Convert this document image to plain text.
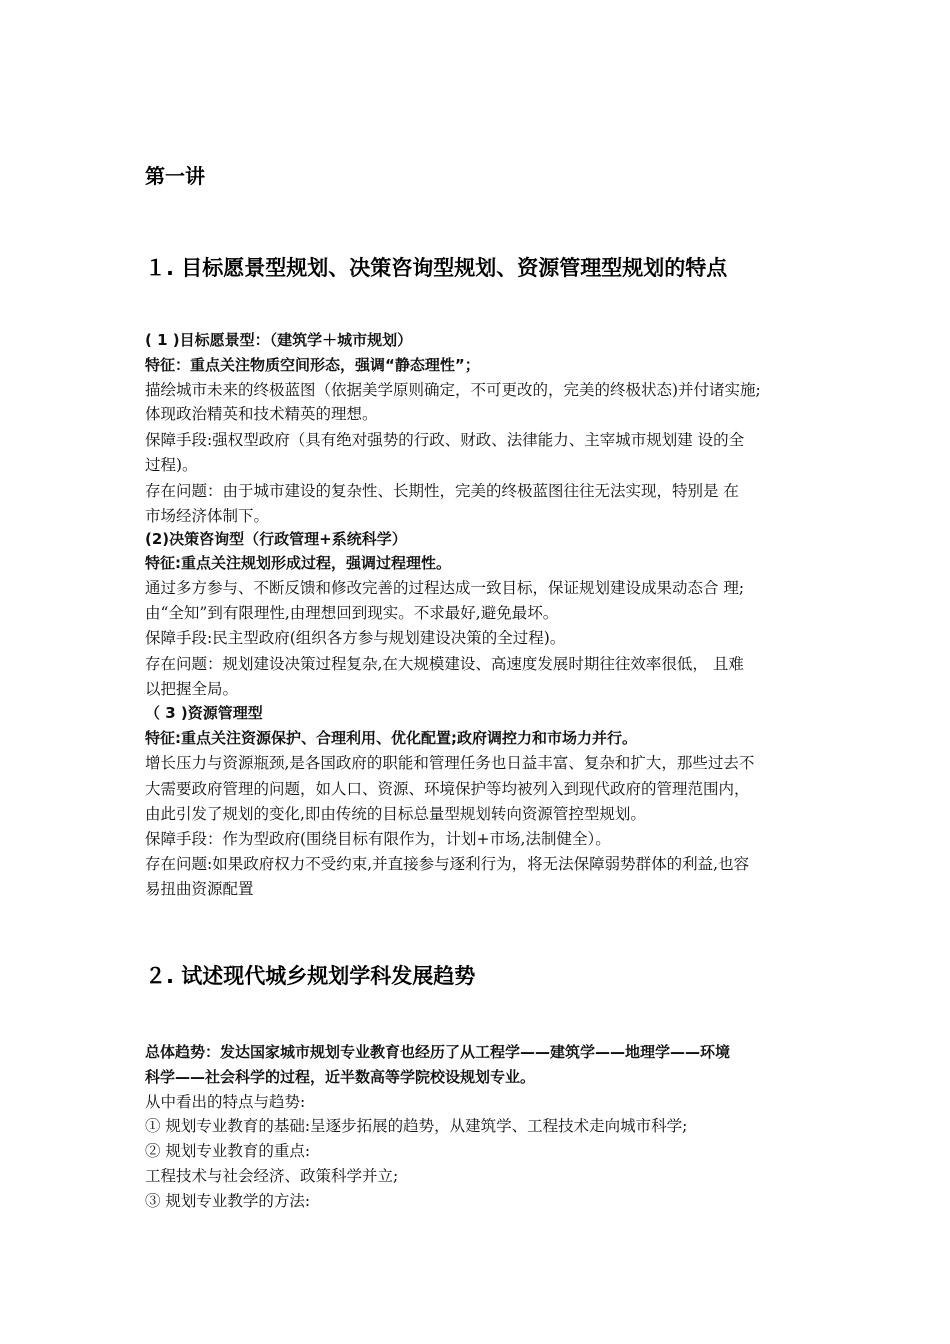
第一讲
１. 目标愿景型规划、决策咨询型规划、资源管理型规划的特点
( 1 )目标愿景型：（建筑学＋城市规划）
特征：重点关注物质空间形态，强调“静态理性”；
描绘城市未来的终极蓝图（依据美学原则确定，不可更改的，完美的终极状态)并付诸实施;
体现政治精英和技术精英的理想。
保障手段:强权型政府（具有绝对强势的行政、财政、法律能力、主宰城市规划建 设的全
过程)。
存在问题：由于城市建设的复杂性、长期性，完美的终极蓝图往往无法实现，特别是 在
市场经济体制下。
(2)决策咨询型（行政管理+系统科学）
特征:重点关注规划形成过程，强调过程理性。
通过多方参与、不断反馈和修改完善的过程达成一致目标，保证规划建设成果动态合 理;
由“全知”到有限理性,由理想回到现实。不求最好,避免最坏。
保障手段:民主型政府(组织各方参与规划建设决策的全过程)。
存在问题：规划建设决策过程复杂,在大规模建设、高速度发展时期往往效率很低， 且难
以把握全局。
（ 3 )资源管理型
特征:重点关注资源保护、合理利用、优化配置;政府调控力和市场力并行。
增长压力与资源瓶颈,是各国政府的职能和管理任务也日益丰富、复杂和扩大，那些过去不
大需要政府管理的问题，如人口、资源、环境保护等均被列入到现代政府的管理范围内，
由此引发了规划的变化,即由传统的目标总量型规划转向资源管控型规划。
保障手段：作为型政府(围绕目标有限作为，计划+市场,法制健全）。
存在问题:如果政府权力不受约束,并直接参与逐利行为，将无法保障弱势群体的利益,也容
易扭曲资源配置
２. 试述现代城乡规划学科发展趋势
总体趋势：发达国家城市规划专业教育也经历了从工程学——建筑学——地理学——环境
科学——社会科学的过程，近半数高等学院校设规划专业。
从中看出的特点与趋势:
① 规划专业教育的基础:呈逐步拓展的趋势，从建筑学、工程技术走向城市科学;
② 规划专业教育的重点:
工程技术与社会经济、政策科学并立;
③ 规划专业教学的方法:
